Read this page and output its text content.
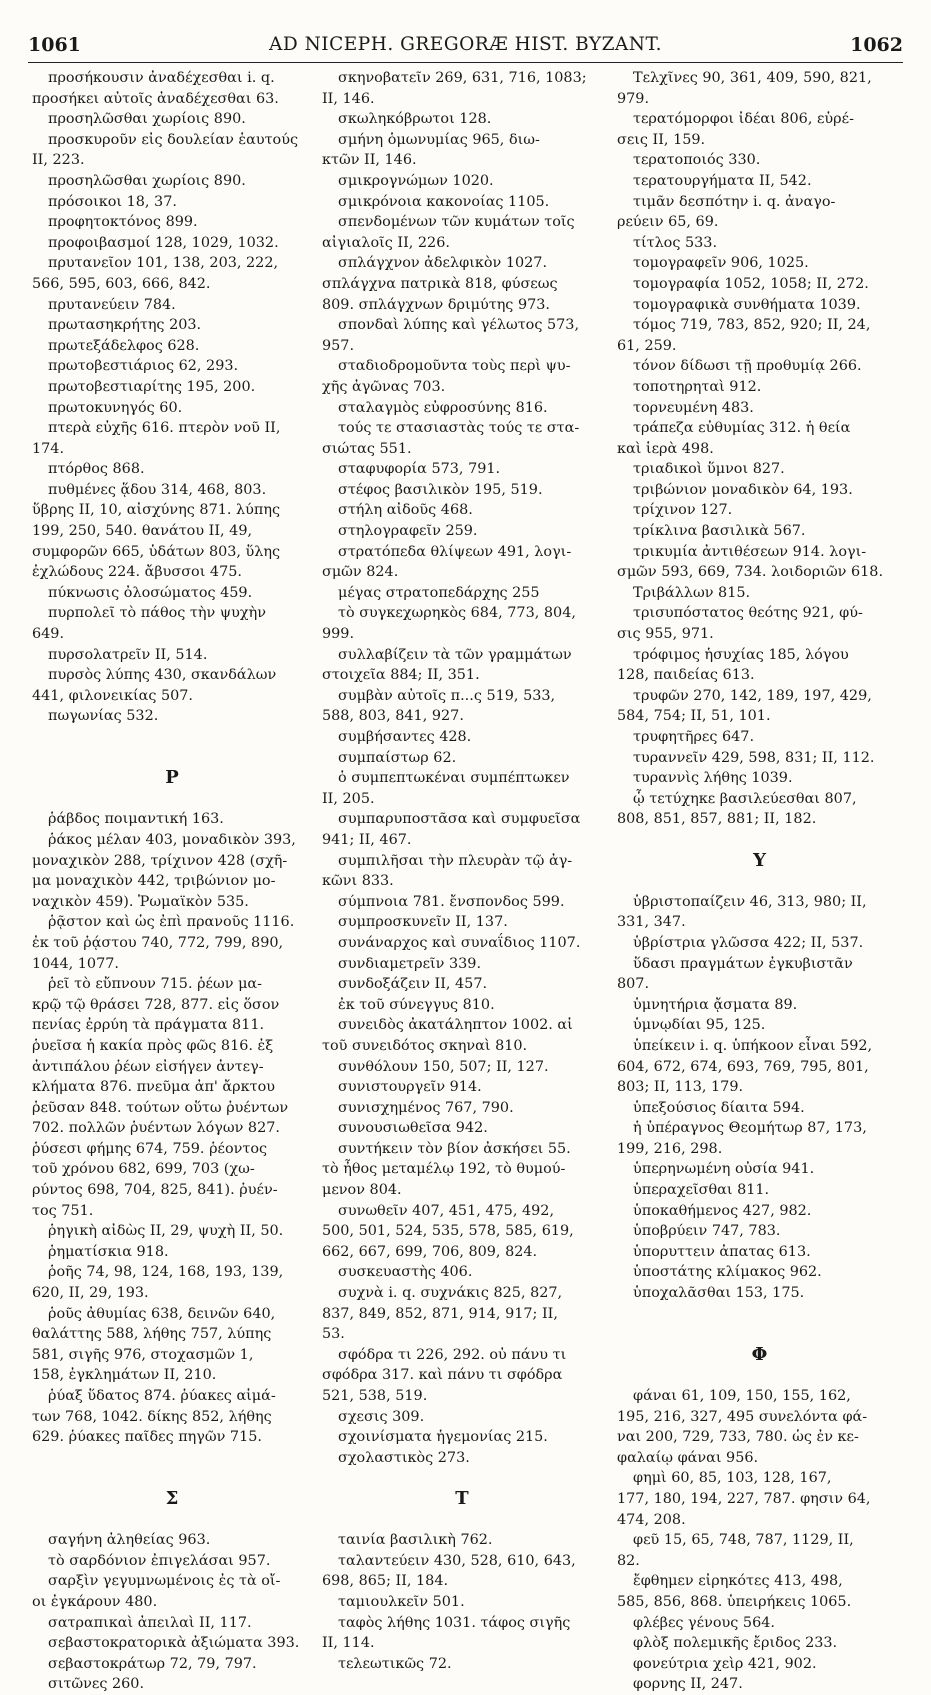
1061	AD NICEPH. GREGORÆ HIST. BYZANT.	1062
προσήκουσιν ἀναδέχεσθαι i. q.
προσήκει αὐτοῖς ἀναδέχεσθαι 63.
προσηλῶσθαι χωρίοις 890.
προσκυροῦν εἰς δουλείαν ἑαυτούς
II, 223.
προσηλῶσθαι χωρίοις 890.
πρόσοικοι 18, 37.
προφητοκτόνος 899.
προφοιβασμοί 128, 1029, 1032.
πρυτανεῖον 101, 138, 203, 222,
566, 595, 603, 666, 842.
πρυτανεύειν 784.
πρωτασηκρήτης 203.
πρωτεξάδελφος 628.
πρωτοβεστιάριος 62, 293.
πρωτοβεστιαρίτης 195, 200.
πρωτοκυνηγός 60.
πτερὰ εὐχῆς 616. πτερὸν νοῦ II,
174.
πτόρθος 868.
πυθμένες ᾅδου 314, 468, 803.
ὕβρης II, 10, αἰσχύνης 871. λύπης
199, 250, 540. θανάτου II, 49,
συμφορῶν 665, ὑδάτων 803, ὕλης
ἐχλώδους 224. ἄβυσσοι 475.
πύκνωσις ὀλοσώματος 459.
πυρπολεῖ τὸ πάθος τὴν ψυχὴν
649.
πυρσολατρεῖν II, 514.
πυρσὸς λύπης 430, σκανδάλων
441, φιλονεικίας 507.
πωγωνίας 532.

Ρ

ῥάβδος ποιμαντική 163.
ῥάκος μέλαν 403, μοναδικὸν 393,
μοναχικὸν 288, τρίχινον 428 (σχῆ-
μα μοναχικὸν 442, τριβώνιον μο-
ναχικὸν 459). Ῥωμαϊκὸν 535.
ῥᾷστον καὶ ὡς ἐπὶ πρανοῦς 1116.
ἐκ τοῦ ῥᾴστου 740, 772, 799, 890,
1044, 1077.
ῥεῖ τὸ εὔπνουν 715. ῥέων μα-
κρῷ τῷ θράσει 728, 877. εἰς ὅσον
πενίας ἐρρύη τὰ πράγματα 811.
ῥυεῖσα ἡ κακία πρὸς φῶς 816. ἐξ
ἀντιπάλου ῥέων εἰσήγεν ἀντεγ-
κλήματα 876. πνεῦμα ἀπ' ἄρκτου
ῥεῦσαν 848. τούτων οὕτω ῥυέντων
702. πολλῶν ῥυέντων λόγων 827.
ῥύσεσι φήμης 674, 759. ῥέοντος
τοῦ χρόνου 682, 699, 703 (χω-
ρύντος 698, 704, 825, 841). ῥυέν-
τος 751.
ῥηγικὴ αἰδὼς II, 29, ψυχὴ II, 50.
ῥηματίσκια 918.
ῥοῆς 74, 98, 124, 168, 193, 139,
620, II, 29, 193.
ῥοῦς ἀθυμίας 638, δεινῶν 640,
θαλάττης 588, λήθης 757, λύπης
581, σιγῆς 976, στοχασμῶν 1,
158, ἐγκλημάτων II, 210.
ῥύαξ ὕδατος 874. ῥύακες αἱμά-
των 768, 1042. δίκης 852, λήθης
629. ῥύακες παῖδες πηγῶν 715.

Σ

σαγήνη ἀληθείας 963.
τὸ σαρδόνιον ἐπιγελάσαι 957.
σαρξὶν γεγυμνωμένοις ἐς τὰ οἴ-
οι ἐγκάρουν 480.
σατραπικαὶ ἀπειλαὶ II, 117.
σεβαστοκρατορικὰ ἀξιώματα 393.
σεβαστοκράτωρ 72, 79, 797.
σιτῶνες 260.
σκηνοβατεῖν 269, 631, 716, 1083;
II, 146.
σκωληκόβρωτοι 128.
σμήνη ὁμωνυμίας 965, διω-
κτῶν II, 146.
σμικρογνώμων 1020.
σμικρόνοια κακονοίας 1105.
σπενδομένων τῶν κυμάτων τοῖς
αἰγιαλοῖς II, 226.
σπλάγχνον ἀδελφικὸν 1027.
σπλάγχνα πατρικὰ 818, φύσεως
809. σπλάγχνων δριμύτης 973.
σπονδαὶ λύπης καὶ γέλωτος 573,
957.
σταδιοδρομοῦντα τοὺς περὶ ψυ-
χῆς ἀγῶνας 703.
σταλαγμὸς εὐφροσύνης 816.
τούς τε στασιαστὰς τούς τε στα-
σιώτας 551.
σταφυφορία 573, 791.
στέφος βασιλικὸν 195, 519.
στήλη αἰδοῦς 468.
στηλογραφεῖν 259.
στρατόπεδα θλίψεων 491, λογι-
σμῶν 824.
μέγας στρατοπεδάρχης 255
τὸ συγκεχωρηκὸς 684, 773, 804,
999.
συλλαβίζειν τὰ τῶν γραμμάτων
στοιχεῖα 884; II, 351.
συμβὰν αὐτοῖς π...ς 519, 533,
588, 803, 841, 927.
συμβήσαντες 428.
συμπαίστωρ 62.
ὁ συμπεπτωκέναι συμπέπτωκεν
II, 205.
συμπαρυποστᾶσα καὶ συμφυεῖσα
941; II, 467.
συμπιλῆσαι τὴν πλευρὰν τῷ ἀγ-
κῶνι 833.
σύμπνοια 781. ἔνσπονδος 599.
συμπροσκυνεῖν II, 137.
συνάναρχος καὶ συναΐδιος 1107.
συνδιαμετρεῖν 339.
συνδοξάζειν II, 457.
ἐκ τοῦ σύνεγγυς 810.
συνειδὸς ἀκατάληπτον 1002. αἱ
τοῦ συνειδότος σκηναὶ 810.
συνθόλουν 150, 507; II, 127.
συνιστουργεῖν 914.
συνισχημένος 767, 790.
συνουσιωθεῖσα 942.
συντήκειν τὸν βίον ἀσκήσει 55.
τὸ ἦθος μεταμέλῳ 192, τὸ θυμού-
μενον 804.
συνωθεῖν 407, 451, 475, 492,
500, 501, 524, 535, 578, 585, 619,
662, 667, 699, 706, 809, 824.
συσκευαστὴς 406.
συχνὰ i. q. συχνάκις 825, 827,
837, 849, 852, 871, 914, 917; II,
53.
σφόδρα τι 226, 292. οὐ πάνυ τι
σφόδρα 317. καὶ πάνυ τι σφόδρα
521, 538, 519.
σχεσις 309.
σχοινίσματα ἡγεμονίας 215.
σχολαστικὸς 273.

Τ

ταινία βασιλικὴ 762.
ταλαντεύειν 430, 528, 610, 643,
698, 865; II, 184.
ταμιουλκεῖν 501.
ταφὸς λήθης 1031. τάφος σιγῆς
II, 114.
τελεωτικῶς 72.
Τελχῖνες 90, 361, 409, 590, 821,
979.
τερατόμορφοι ἰδέαι 806, εὑρέ-
σεις II, 159.
τερατοποιός 330.
τερατουργήματα II, 542.
τιμᾶν δεσπότην i. q. ἀναγο-
ρεύειν 65, 69.
τίτλος 533.
τομογραφεῖν 906, 1025.
τομογραφία 1052, 1058; II, 272.
τομογραφικὰ συνθήματα 1039.
τόμος 719, 783, 852, 920; II, 24,
61, 259.
τόνον δίδωσι τῇ προθυμίᾳ 266.
τοποτηρηταὶ 912.
τορνευμένη 483.
τράπεζα εὐθυμίας 312. ἡ θεία
καὶ ἱερὰ 498.
τριαδικοὶ ὕμνοι 827.
τριβώνιον μοναδικὸν 64, 193.
τρίχινον 127.
τρίκλινα βασιλικὰ 567.
τρικυμία ἀντιθέσεων 914. λογι-
σμῶν 593, 669, 734. λοιδοριῶν 618.
Τριβάλλων 815.
τρισυπόστατος θεότης 921, φύ-
σις 955, 971.
τρόφιμος ἡσυχίας 185, λόγου
128, παιδείας 613.
τρυφῶν 270, 142, 189, 197, 429,
584, 754; II, 51, 101.
τρυφητῆρες 647.
τυραννεῖν 429, 598, 831; II, 112.
τυραννὶς λήθης 1039.
ᾧ τετύχηκε βασιλεύεσθαι 807,
808, 851, 857, 881; II, 182.

Υ

ὑβριστοπαίζειν 46, 313, 980; II,
331, 347.
ὑβρίστρια γλῶσσα 422; II, 537.
ὕδασι πραγμάτων ἐγκυβιστᾶν
807.
ὑμνητήρια ᾄσματα 89.
ὑμνῳδίαι 95, 125.
ὑπείκειν i. q. ὑπήκοον εἶναι 592,
604, 672, 674, 693, 769, 795, 801,
803; II, 113, 179.
ὑπεξούσιος δίαιτα 594.
ἡ ὑπέραγνος Θεομήτωρ 87, 173,
199, 216, 298.
ὑπερηνωμένη οὐσία 941.
ὑπεραχεῖσθαι 811.
ὑποκαθήμενος 427, 982.
ὑποβρύειν 747, 783.
ὑπορυττειν ἀπατας 613.
ὑποστάτης κλίμακος 962.
ὑποχαλᾶσθαι 153, 175.

Φ

φάναι 61, 109, 150, 155, 162,
195, 216, 327, 495 συνελόντα φά-
ναι 200, 729, 733, 780. ὡς ἐν κε-
φαλαίῳ φάναι 956.
φημὶ 60, 85, 103, 128, 167,
177, 180, 194, 227, 787. φησιν 64,
474, 208.
φεῦ 15, 65, 748, 787, 1129, II,
82.
ἔφθημεν εἰρηκότες 413, 498,
585, 856, 868. ὑπειρήκεις 1065.
φλέβες γένους 564.
φλὸξ πολεμικῆς ἔριδος 233.
φονεύτρια χεὶρ 421, 902.
φορνης II, 247.
